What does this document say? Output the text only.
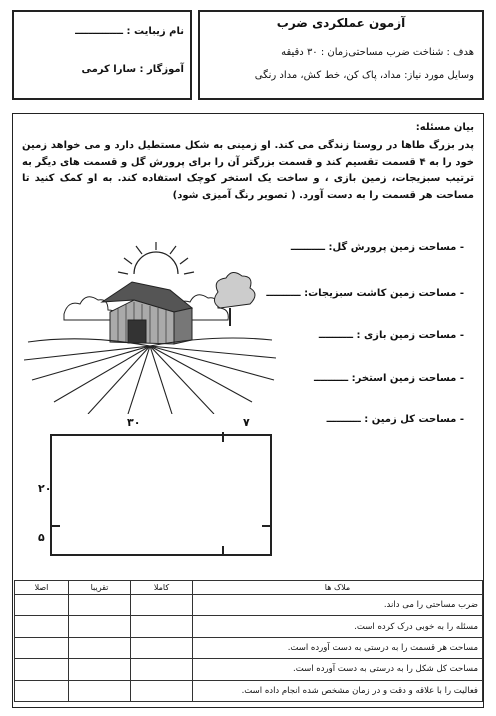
آزمون عملکردی ضرب
هدف : شناخت ضرب مساحتی
زمان : ۳۰ دقیقه
وسایل مورد نیاز: مداد، پاک کن، خط کش، مداد رنگی
نام زیبایت : ــــــــــــــ
آموزگار : سارا کرمی
بیان مسئله:
پدر بزرگ طاها در روستا زندگی می کند. او زمینی به شکل مستطیل دارد و می خواهد زمین خود را به ۴ قسمت تقسیم کند و قسمت بزرگتر آن را برای پرورش گل و قسمت های دیگر به ترتیب سبزیجات، زمین بازی ، و ساخت یک استخر کوچک استفاده کند. به او کمک کنید تا مساحت هر قسمت را به دست آورد. ( تصویر رنگ آمیزی شود)
- مساحت زمین پرورش گل: ــــــــــ
- مساحت زمین کاشت سبزیجات: ــــــــــ
- مساحت زمین بازی : ــــــــــ
- مساحت زمین استخر: ــــــــــ
- مساحت کل زمین : ــــــــــ
۳۰	۷
۲۰
۵
ملاک ها	کاملا	تقریبا	اصلا
ضرب مساحتی را می داند.			
مسئله را به خوبی درک کرده است.			
مساحت هر قسمت را به درستی به دست آورده است.			
مساحت کل شکل را به درستی به دست آورده است.			
فعالیت را با علاقه و دقت و در زمان مشخص شده انجام داده است.			
